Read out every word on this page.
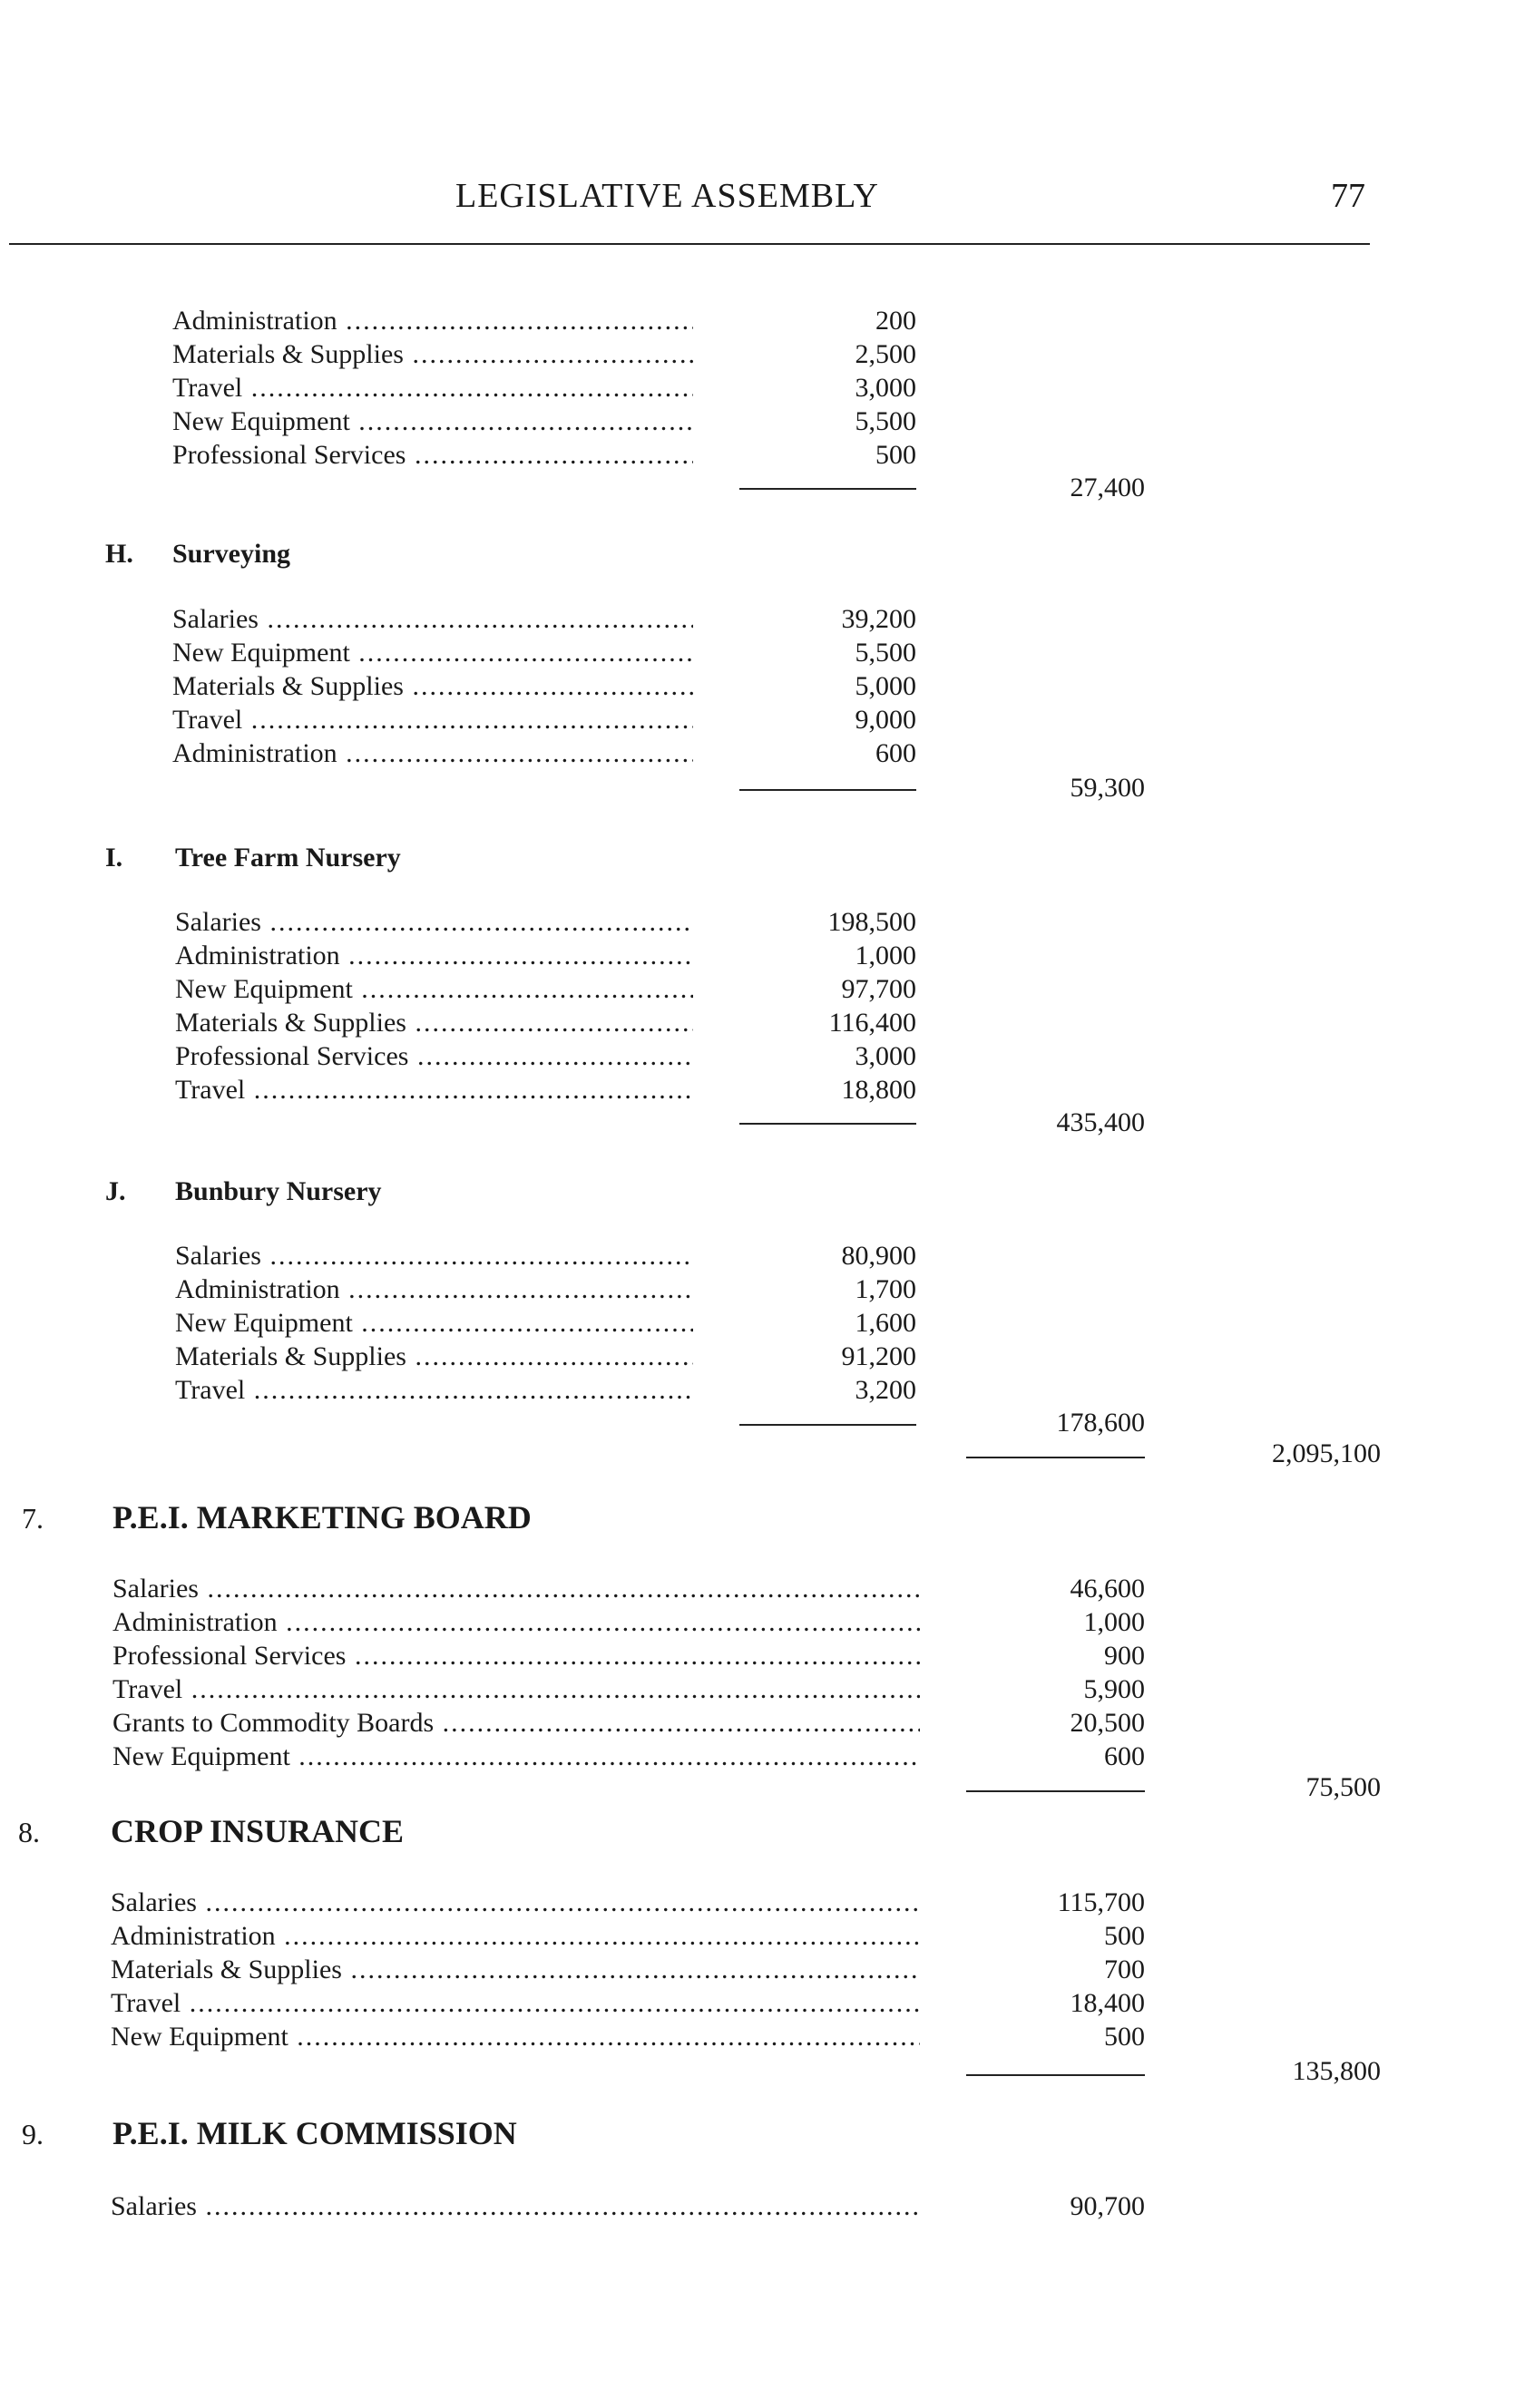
LEGISLATIVE ASSEMBLY	77
Administration .....	200
Materials & Supplies .....	2,500
Travel .....	3,000
New Equipment .....	5,500
Professional Services .....	500
27,400
H. Surveying
Salaries .....	39,200
New Equipment .....	5,500
Materials & Supplies .....	5,000
Travel .....	9,000
Administration .....	600
59,300
I. Tree Farm Nursery
Salaries .....	198,500
Administration .....	1,000
New Equipment .....	97,700
Materials & Supplies .....	116,400
Professional Services .....	3,000
Travel .....	18,800
435,400
J. Bunbury Nursery
Salaries .....	80,900
Administration .....	1,700
New Equipment .....	1,600
Materials & Supplies .....	91,200
Travel .....	3,200
178,600
2,095,100
7. P.E.I. MARKETING BOARD
Salaries .....	46,600
Administration .....	1,000
Professional Services .....	900
Travel .....	5,900
Grants to Commodity Boards .....	20,500
New Equipment .....	600
75,500
8. CROP INSURANCE
Salaries .....	115,700
Administration .....	500
Materials & Supplies .....	700
Travel .....	18,400
New Equipment .....	500
135,800
9. P.E.I. MILK COMMISSION
Salaries .....	90,700
